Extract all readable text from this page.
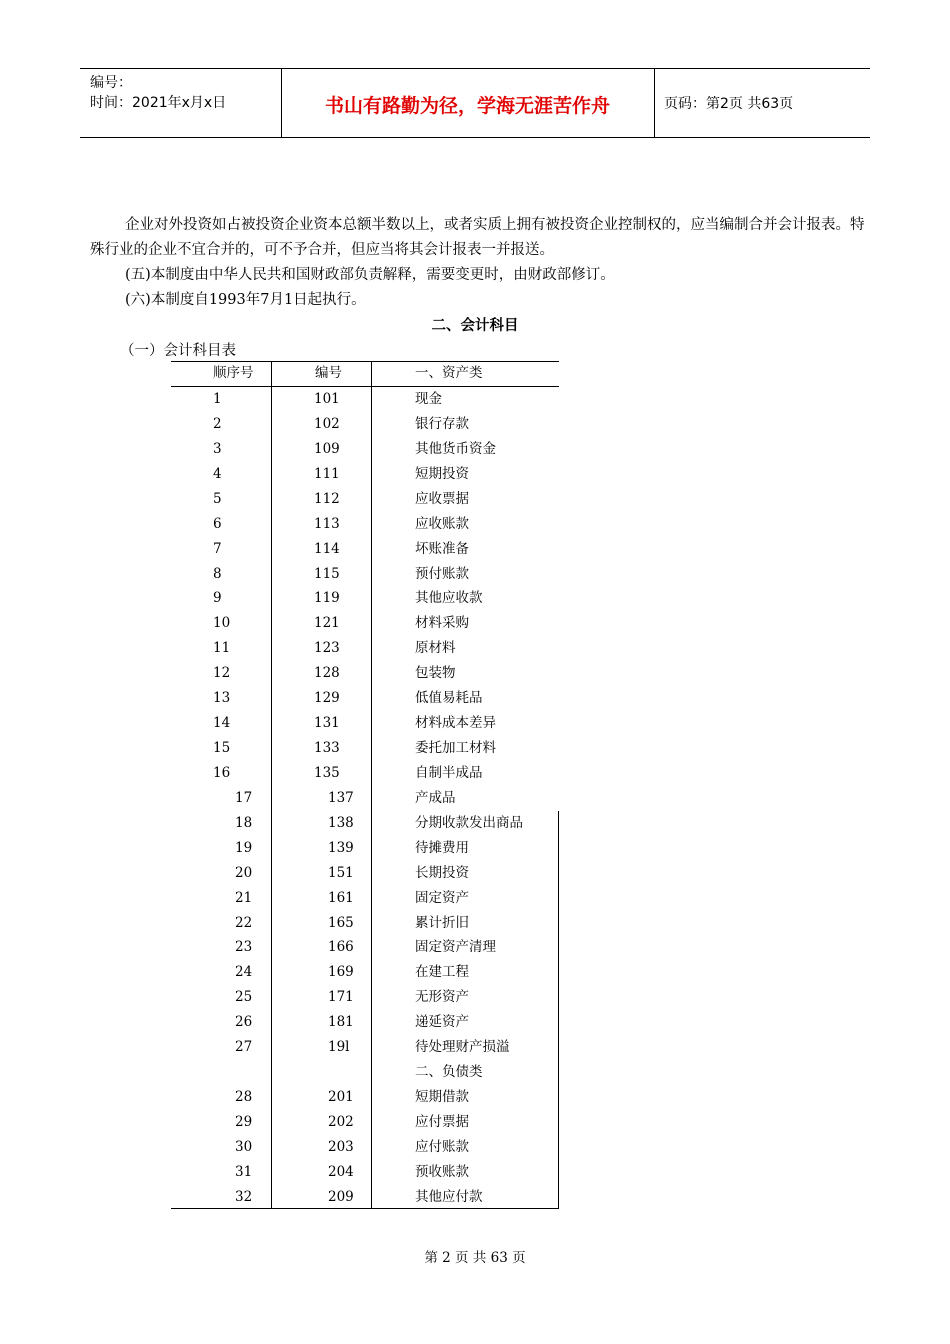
编号：
时间：2021年x月x日	书山有路勤为径，学海无涯苦作舟	页码：第2页 共63页
企业对外投资如占被投资企业资本总额半数以上，或者实质上拥有被投资企业控制权的，应当编制合并会计报表。特殊行业的企业不宜合并的，可不予合并，但应当将其会计报表一并报送。
(五)本制度由中华人民共和国财政部负责解释，需要变更时，由财政部修订。
(六)本制度自1993年7月1日起执行。
二、会计科目
（一）会计科目表
顺序号	编号	一、资产类
1	101	现金
2	102	银行存款
3	109	其他货币资金
4	111	短期投资
5	112	应收票据
6	113	应收账款
7	114	坏账准备
8	115	预付账款
9	119	其他应收款
10	121	材料采购
11	123	原材料
12	128	包装物
13	129	低值易耗品
14	131	材料成本差异
15	133	委托加工材料
16	135	自制半成品
17	137	产成品
18	138	分期收款发出商品
19	139	待摊费用
20	151	长期投资
21	161	固定资产
22	165	累计折旧
23	166	固定资产清理
24	169	在建工程
25	171	无形资产
26	181	递延资产
27	19l	待处理财产损溢
二、负债类
28	201	短期借款
29	202	应付票据
30	203	应付账款
31	204	预收账款
32	209	其他应付款
第 2 页 共 63 页
